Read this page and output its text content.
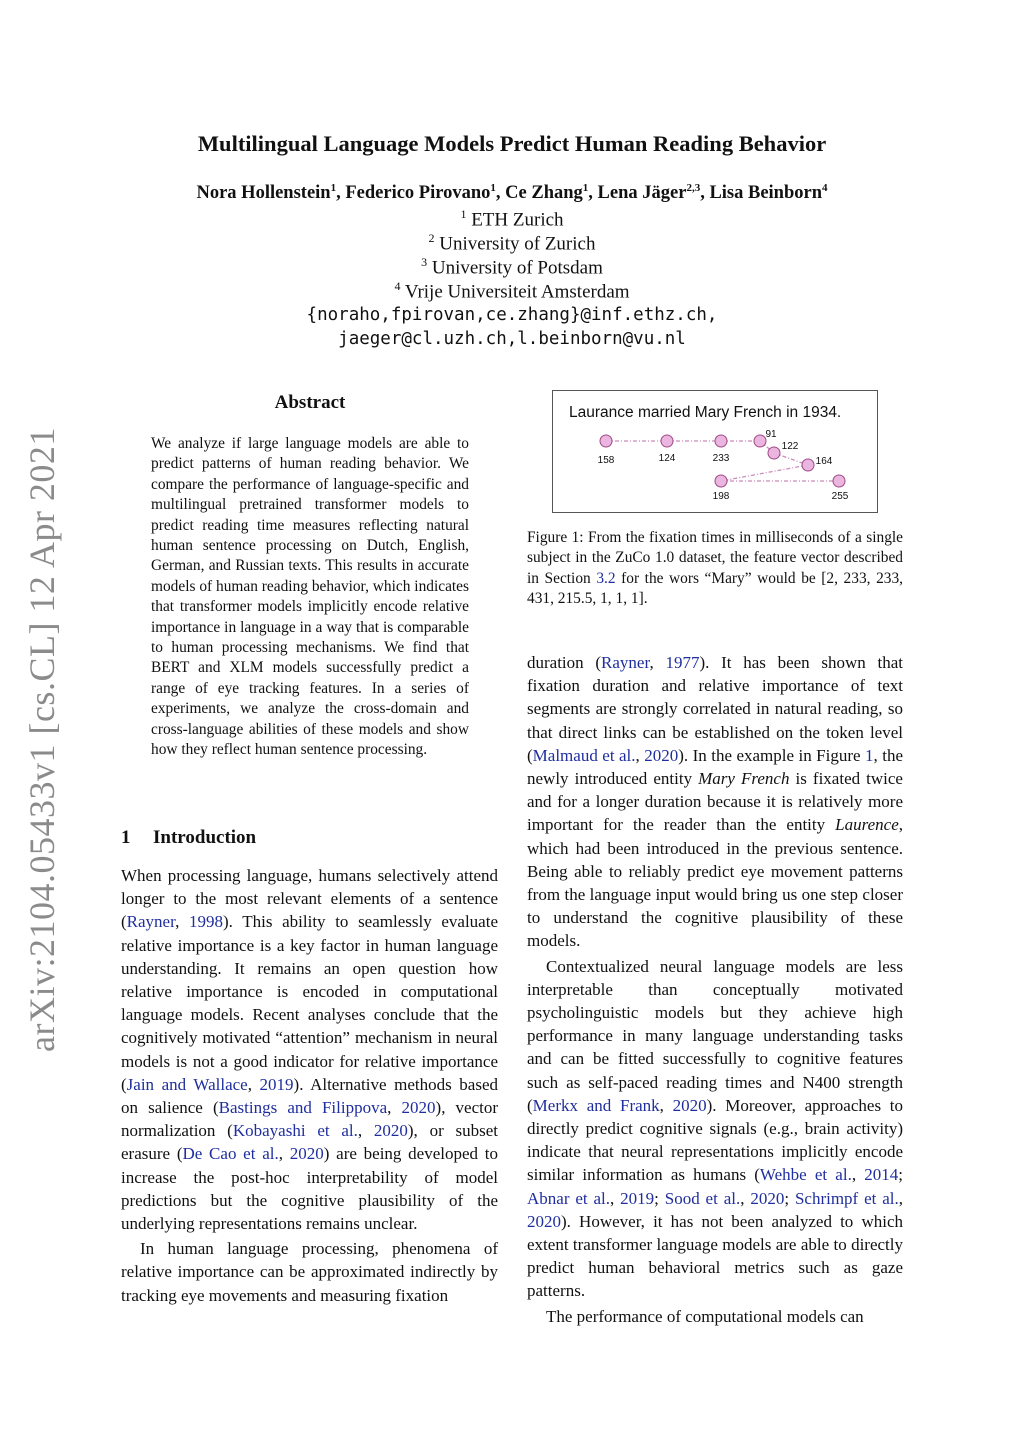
arXiv:2104.05433v1 [cs.CL] 12 Apr 2021
Multilingual Language Models Predict Human Reading Behavior
Nora Hollenstein$^1$, Federico Pirovano$^1$, Ce Zhang$^1$, Lena Jäger$^{2,3}$, Lisa Beinborn$^4$
$^1$ ETH Zurich
$^2$ University of Zurich
$^3$ University of Potsdam
$^4$ Vrije Universiteit Amsterdam
{noraho,fpirovan,ce.zhang}@inf.ethz.ch,
jaeger@cl.uzh.ch,l.beinborn@vu.nl
Abstract
We analyze if large language models are able to predict patterns of human reading behavior. We compare the performance of language-specific and multilingual pretrained transformer models to predict reading time measures reflecting natural human sentence processing on Dutch, English, German, and Russian texts. This results in accurate models of human reading behavior, which indicates that transformer models implicitly encode relative importance in language in a way that is comparable to human processing mechanisms. We find that BERT and XLM models successfully predict a range of eye tracking features. In a series of experiments, we analyze the cross-domain and cross-language abilities of these models and show how they reflect human sentence processing.
1 Introduction

When processing language, humans selectively attend longer to the most relevant elements of a sentence (Rayner, 1998). This ability to seamlessly evaluate relative importance is a key factor in human language understanding. It remains an open question how relative importance is encoded in computational language models. Recent analyses conclude that the cognitively motivated “attention” mechanism in neural models is not a good indicator for relative importance (Jain and Wallace, 2019). Alternative methods based on salience (Bastings and Filippova, 2020), vector normalization (Kobayashi et al., 2020), or subset erasure (De Cao et al., 2020) are being developed to increase the post-hoc interpretability of model predictions but the cognitive plausibility of the underlying representations remains unclear.

In human language processing, phenomena of relative importance can be approximated indirectly by tracking eye movements and measuring fixation

Laurance married Mary French in 1934.
158	124	233
91
122
164
198	255
Figure 1: From the fixation times in milliseconds of a single subject in the ZuCo 1.0 dataset, the feature vector described in Section 3.2 for the wors “Mary” would be [2, 233, 233, 431, 215.5, 1, 1, 1].

duration (Rayner, 1977). It has been shown that fixation duration and relative importance of text segments are strongly correlated in natural reading, so that direct links can be established on the token level (Malmaud et al., 2020). In the example in Figure 1, the newly introduced entity Mary French is fixated twice and for a longer duration because it is relatively more important for the reader than the entity Laurence, which had been introduced in the previous sentence. Being able to reliably predict eye movement patterns from the language input would bring us one step closer to understand the cognitive plausibility of these models.

Contextualized neural language models are less interpretable than conceptually motivated psycholinguistic models but they achieve high performance in many language understanding tasks and can be fitted successfully to cognitive features such as self-paced reading times and N400 strength (Merkx and Frank, 2020). Moreover, approaches to directly predict cognitive signals (e.g., brain activity) indicate that neural representations implicitly encode similar information as humans (Wehbe et al., 2014; Abnar et al., 2019; Sood et al., 2020; Schrimpf et al., 2020). However, it has not been analyzed to which extent transformer language models are able to directly predict human behavioral metrics such as gaze patterns.

The performance of computational models can
